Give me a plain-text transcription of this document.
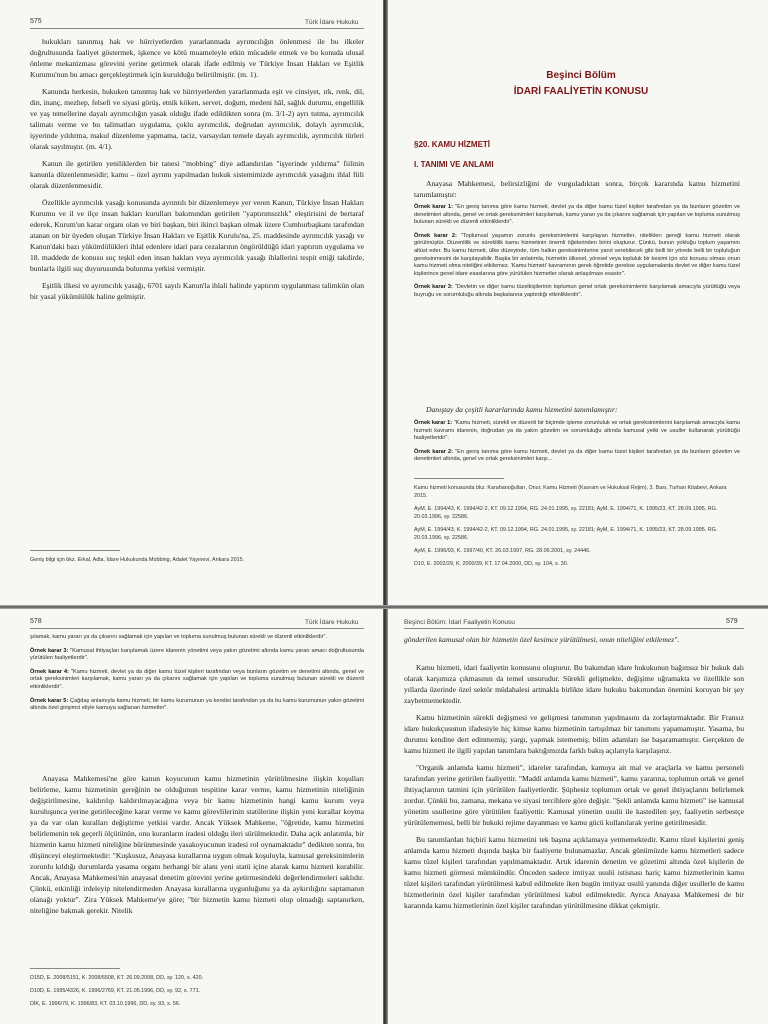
575	Türk İdare Hukuku

hukukları tanınmış hak ve hürriyetlerden yararlanmada ayrımcılığın önlenmesi ile bu ilkeler doğrultusunda faaliyet göstermek, işkence ve kötü muameleyle etkin mücadele etmek ve bu konuda ulusal önleme mekanizması görevini yerine getirmek olarak ifade edilmiş ve Türkiye İnsan Hakları ve Eşitlik Kurumu'nun bu amacı gerçekleştirmek için kurulduğu belirtilmiştir. (m. 1).

Kanunda herkesin, hukuken tanınmış hak ve hürriyetlerden yararlanmada eşit ve cinsiyet, ırk, renk, dil, din, inanç, mezhep, felsefi ve siyasi görüş, etnik köken, servet, doğum, medeni hâl, sağlık durumu, engellilik ve yaş temellerine dayalı ayrımcılığın yasak olduğu ifade edildikten sonra (m. 3/1-2) ayrı tutma, ayrımcılık talimatı verme ve bu talimatları uygulama, çoklu ayrımcılık, doğrudan ayrımcılık, dolaylı ayrımcılık, işyerinde yıldırma, makul düzenleme yapmama, taciz, varsayılan temele dayalı ayrımcılık, ayrımcılık türleri olarak sayılmıştır. (m. 4/1).

Kanun ile getirilen yeniliklerden bir tanesi "mobbing" diye adlandırılan "işyerinde yıldırma" fiilinin kanunla düzenlenmesidir; kamu – özel ayrımı yapılmadan hukuk sistemimizde ayrımcılık yasağını ihlal fiili olarak düzenlenmesidir.

Özellikle ayrımcılık yasağı konusunda ayrıntılı bir düzenlemeye yer veren Kanun, Türkiye İnsan Hakları Kurumu ve il ve ilçe insan hakları kurulları bakımından getirilen "yaptırımsızlık" eleştirisini de bertaraf ederek, Kurum'un karar organı olan ve biri başkan, biri ikinci başkan olmak üzere Cumhurbaşkanı tarafından atanan on bir üyeden oluşan Türkiye İnsan Hakları ve Eşitlik Kurulu'na, 25. maddesinde ayrımcılık yasağı ve Kanun'daki bazı yükümlülükleri ihlal edenlere idari para cezalarının öngörüldüğü idari yaptırım uygulama ve 18. maddede de konusu suç teşkil eden insan hakları veya ayrımcılık yasağı ihlallerini tespit ettiği takdirde, bunlarla ilgili suç duyurusunda bulunma yetkisi vermiştir.

Eşitlik ilkesi ve ayrımcılık yasağı, 6701 sayılı Kanun'la ihlali halinde yaptırım uygulanması talimkün olan bir yasal yükümlülük haline gelmiştir.

Geniş bilgi için bkz. Erkal, Adla, İdare Hukukunda Mobbing, Adalet Yayınevi, Ankara 2015.
Beşinci Bölüm
İDARİ FAALİYETİN KONUSU
§20. KAMU HİZMETİ
I. TANIMI VE ANLAMI
Anayasa Mahkemesi, belirsizliğini de vurguladıktan sonra, birçok kararında kamu hizmetini tanımlamıştır:
Örnek karar 1: "En geniş tanıma göre kamu hizmeti, devlet ya da diğer kamu tüzel kişileri tarafından ya da bunların gözetim ve denetimleri altında, genel ve ortak gereksinimleri karşılamak, kamu yararı ya da çıkarını sağlamak için yapılan ve topluma sunulmuş bulunan sürekli ve düzenli etkinliklerdir".
Örnek karar 2: "Toplumsal yaşamın zorunlu gereksinimlerini karşılayan hizmetler, niteliklerı gereği kamu hizmeti olarak görülmüştür. Düzenlilik ve süreklilik kamu hizmetinin önemli öğelerinden birini oluşturur. Çünkü, bunun yokluğu toplum yaşamını altüst eder. Bu kamu hizmeti, ülke düzeyinde, tüm halkın gereksinimlerine yanıt verebilecek gibi belli bir yörede belli bir topluluğun gereksinmesini de karşılayabilir. Başka bir anlatımla, hizmetin ülkesel, yöresel veya topluluk bir kesimi için söz konusu olması onun kamu hizmeti olma niteliğini etkilemez. 'Kamu hizmeti' kavramının gerek öğretide gerekse uygulamalarda devlet ve diğer kamu tüzel kişilerince genel idare esaslarına göre yürütülen hizmetler olarak anlaşılması esastır".
Örnek karar 3: "Devletin ve diğer kamu tüzelkişilerinin toplumun genel ortak gereksinimlerini karşılamak amacıyla yürüttüğü veya buyruğu ve sorumluluğu altında başkalarına yaptırdığı etkinliklerdir".
Danıştay da çeşitli kararlarında kamu hizmetini tanımlamıştır:
Örnek karar 1: "Kamu hizmeti, sürekli ve düzenli bir biçimde işleme zorunluluk ve ortak gereksinimlerini karşılamak amacıyla kamu hizmeti kavramı idarenin, doğrudan ya da yakın gözetim ve sorumluluğu altında kamusal yetki ve usuller kullanarak yürüttüğü faaliyetleridir".
Örnek karar 2: "En geniş tanıma göre kamu hizmeti, devlet ya da diğer kamu tüzel kişileri tarafından ya da bunların gözetim ve denetimleri altında, genel ve ortak gereksinimleri karşı...
Kamu hizmeti konusunda bkz. Karahanoğulları, Onur, Kamu Hizmeti (Kavram ve Hukuksal Rejim), 3. Bası, Turhan Kitabevi, Ankara 2015.
AyM, E. 1994/43, K. 1994/42-2, KT. 09.12.1994, RG. 24.01.1995, sy. 22181; AyM, E. 1994/71, K. 1995/23, KT. 28.09.1995, RG. 20.03.1996, sy. 22586.
AyM, E. 1994/43, K. 1994/42-2, KT. 09.12.1994, RG. 24.01.1995, sy. 22181; AyM, E. 1994/71, K. 1995/23, KT. 28.09.1995, RG. 20.03.1996, sy. 22586.
AyM, E. 1996/93, K. 1997/40, KT. 26.03.1997, RG. 28.06.2001, sy. 24446.
D10, E. 2002/29, K. 2000/39, KT. 17.04.2000, DD, sy. 104, s. 30.
578	Türk İdare Hukuku
şılamak, kamu yararı ya da çıkarını sağlamak için yapılan ve topluma sunulmuş bulunan sürekli ve düzenli etkinliklerdir".
Örnek karar 3: "Kamusal ihtiyaçları karşılamak üzere idarenin yönetimi veya yakın gözetimi altında kamu yararı amacı doğrultusunda yürütülen faaliyetlerdir".
Örnek karar 4: "Kamu hizmeti, devlet ya da diğer kamu tüzel kişileri tarafından veya bunların gözetim ve denetimi altında, genel ve ortak gereksinimleri karşılamak, kamu yararı ya da çıkarını sağlamak için yapılan ve topluma sunulmuş bulunan sürekli ve düzenli etkinliklerdir".
Örnek karar 5: Çağdaş anlamıyla kamu hizmeti, bir kamu kurumunun ya kendisi tarafından ya da bu kamu kurumunun yakın gözetimi altında özel girişimci eliyle kamuya sağlanan hizmetler".
Anayasa Mahkemesi'ne göre kanun koyucunun kamu hizmetinin yürütülmesine ilişkin koşulları belirleme, kamu hizmetinin gereğinin ne olduğunun tespitine karar verme, kamu hizmetinin niteliğinin değiştirilmesine, kaldırılıp kaldırılmayacağına veya bir kamu hizmetinin hangi kamu kurum veya kuruluşunca yerine getirileceğine karar verme ve kamu görevlilerinin statülerine ilişkin yeni kurallar koyma ya da var olan kuralları değiştirme yetkisi vardır. Ancak Yüksek Mahkeme, "öğretide, kamu hizmetini belirlemenin tek geçerli ölçütünün, onu kuranların iradesi olduğu ileri sürülmektedir. Daha açık anlatımla, bir hizmetin kamu hizmeti niteliğine bürünmesinde yasakoyucunun iradesi rol oynamaktadır" dedikten sonra, bu düşünceyi eleştirmektedir: "Kuşkusuz, Anayasa kurallarına uygun olmak koşuluyla, kamusal gereksinimlerin zorunlu kıldığı durumlarda yasama organı herhangi bir alanı yeni statü içine alarak kamu hizmeti kurabilir. Ancak, Anayasa Mahkemesi'nin anayasal denetim görevini yerine getirmesindeki değerlendirmeleri saklıdır. Çünkü, etkinliği irdeleyip nitelendirmeden Anayasa kurallarına uygunluğunu ya da aykırılığını saptamanın olanağı yoktur". Zira Yüksek Mahkeme'ye göre; "bir hizmetin kamu hizmeti olup olmadığı saptanırken, niteliğine bakmak gerekir. Nitelik
D15D, E. 2008/5151, K. 2008/6508, KT. 26.09.2008, DD, sy. 120, s. 420.
D10D, E. 1995/4326, K. 1996/2769, KT. 21.05.1996, DD, sy. 92, s. 771.
DİK, E. 1996/79, K. 1996/83, KT. 03.10.1996, DD, sy. 93, s. 56.
Beşinci Bölüm: İdari Faaliyetin Konusu	579
gönderilen kamusal olan bir hizmetin özel kesimce yürütülmesi, onun niteliğini etkilemez".

Kamu hizmeti, idari faaliyetin konusunu oluşturur. Bu bakımdan idare hukukunun bağımsız bir hukuk dalı olarak karşımıza çıkmasının da temel unsurudur. Sürekli gelişmekte, değişime uğramakta ve özellikle son yıllarda üzerinde özel sektör müdahalesi artmakla birlikte idare hukuku bakımından önemini koruyan bir şey zaybetmemektedir.

Kamu hizmetinin sürekli değişmesi ve gelişmesi tanımının yapılmasını da zorlaştırmaktadır. Bir Fransız idare hukukçusunun ifadesiyle hiç kimse kamu hizmetinin tartışılmaz bir tanımını yapamamıştır. Yasama, bu durumu kendine dert edinmemiş; yargı, yapmak istememiş; bilim adamları ise başaramamıştır. Gerçekten de kamu hizmeti ile ilgili yapılan tanımlara baktığımızda farklı bakış açılarıyla karşılaşırız.

"Organik anlamda kamu hizmeti", idareler tarafından, kamuya ait mal ve araçlarla ve kamu personeli tarafından yerine getirilen faaliyettir. "Maddi anlamda kamu hizmeti", kamu yararına, toplumun ortak ve genel ihtiyaçlarının tatmini için yürütülen faaliyetlerdir. Şüphesiz toplumun ortak ve genel ihtiyaçlarını belirlemek zordur. Çünkü bu, zamana, mekana ve siyasi tercihlere göre değişir. "Şekli anlamda kamu hizmeti" ise kamusal yönetim usullerine göre yürütülen faaliyettir. Kamusal yönetim usulü ile kastedilen şey, faaliyetin serbestçe yürütülememesi, belli bir hukuki rejime dayanması ve kamu gücü kullanılarak yerine getirilmesidir.

Bu tanımlardan hiçbiri kamu hizmetini tek başına açıklamaya yetmemektedir. Kamu tüzel kişilerini geniş anlamda kamu hizmeti dışında başka bir faaliyette bulunamazlar. Ancak günümüzde kamu hizmetleri sadece kamu tüzel kişileri tarafından yapılmamaktadır. Artık idarenin denetim ve gözetimi altında özel kişilerin de kamu hizmeti görmesi mümkündür. Önceden sadece imtiyaz usulü istisnası hariç kamu hizmetlerinin kamu tüzel kişileri tarafından yürütülmesi kabul edilmekte iken bugün imtiyaz usulü yanında diğer usullerle de kamu hizmetlerinin özel kişiler tarafından yürütülmesi kabul edilmektedir. Ayrıca Anayasa Mahkemesi de bir kararında kamu hizmetlerinin özel kişiler tarafından yürütülmesine dikkat çekmiştir.
